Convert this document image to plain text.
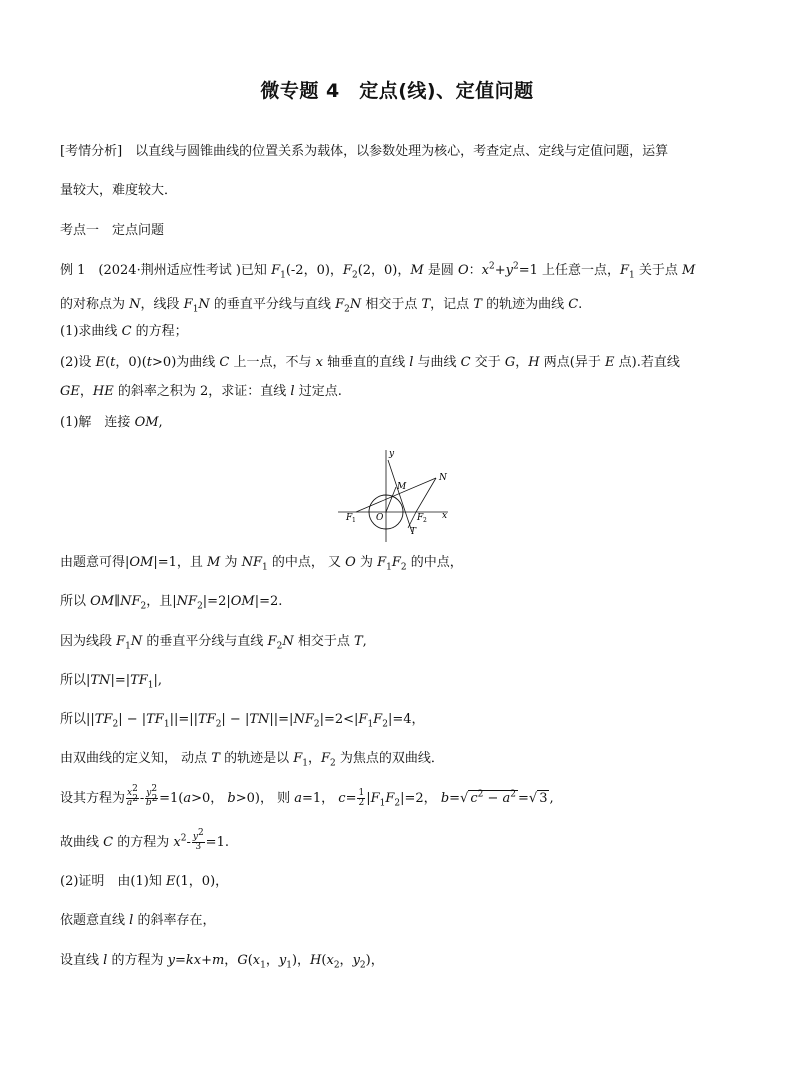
微专题 4　定点(线)、定值问题
[考情分析]　以直线与圆锥曲线的位置关系为载体，以参数处理为核心，考查定点、定线与定值问题，运算
量较大，难度较大．
考点一　定点问题
例 1　 (2024·荆州适应性考试 )已知 $F_1(-2$，0)，$F_2(2$，0)，M 是圆 O：$x^2+y^2=1$ 上任意一点，$F_1$ 关于点 M
的对称点为 N，线段 $F_1N$ 的垂直平分线与直线 $F_2N$ 相交于点 T，记点 T 的轨迹为曲线 C.
(1)求曲线 C 的方程；
(2)设 E(t，0)(t>0)为曲线 C 上一点，不与 x 轴垂直的直线 l 与曲线 C 交于 G，H 两点(异于 E 点).若直线
GE，HE 的斜率之积为 2，求证：直线 l 过定点.
(1)解　连接 OM,
y
M
N
F 1 O	F 2 x
T
由题意可得|OM|=1，且 M 为 $NF_1$ 的中点， 又 O 为 $F_1F_2$ 的中点，
所以 $OM\parallel NF_2$，且$|NF_2|=2|OM|=2$.
因为线段 $F_1N$ 的垂直平分线与直线 $F_2N$ 相交于点 T,
所以$|TN|=|TF_1|$,
所以$||TF_2| - |TF_1||=||TF_2| - |TN||=|NF_2|=2<|F_1F_2|=4$，
由双曲线的定义知， 动点 T 的轨迹是以 $F_1$，$F_2$ 为焦点的双曲线．
设其方程为 $\frac{x^2}{a^2} - \frac{y^2}{b^2} =1(a>0$， b>0)， 则 a=1， $c= \frac{1}{2} |F_1F_2|=2$， b=√ $c^2 - a^2$ =√ 3 ,
故曲线 C 的方程为 $x^2- \frac{y^2}{3} =1$.
(2)证明　由(1)知 E(1，0)，
依题意直线 l 的斜率存在，
设直线 l 的方程为 y=kx+m，$G(x_1$，$y_1$)，$H(x_2$，$y_2$)，
